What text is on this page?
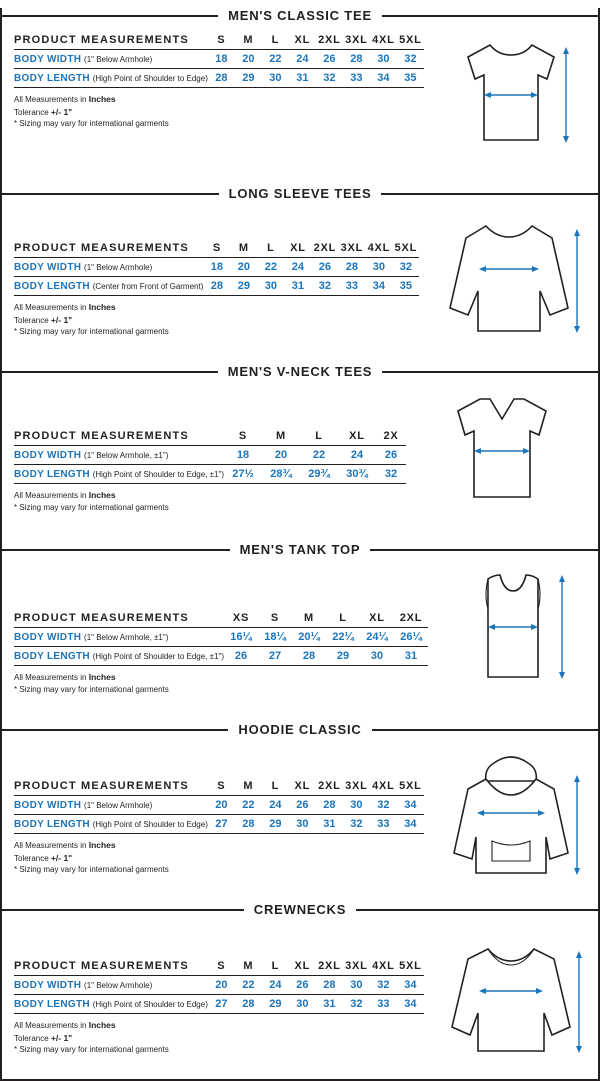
MEN'S CLASSIC TEE
PRODUCT MEASUREMENTS	S	M	L	XL	2XL	3XL	4XL	5XL
BODY WIDTH (1" Below Armhole)	18	20	22	24	26	28	30	32
BODY LENGTH (High Point of Shoulder to Edge)	28	29	30	31	32	33	34	35
All Measurements in Inches
Tolerance +/- 1"
* Sizing may vary for international garments
LONG SLEEVE TEES
PRODUCT MEASUREMENTS	S	M	L	XL	2XL	3XL	4XL	5XL
BODY WIDTH (1" Below Armhole)	18	20	22	24	26	28	30	32
BODY LENGTH (Center from Front of Garment)	28	29	30	31	32	33	34	35
All Measurements in Inches
Tolerance +/- 1"
* Sizing may vary for international garments
MEN'S V-NECK TEES
PRODUCT MEASUREMENTS	S	M	L	XL	2X
BODY WIDTH (1" Below Armhole, ±1")	18	20	22	24	26
BODY LENGTH (High Point of Shoulder to Edge, ±1")	27½	28¾	29¾	30¾	32
All Measurements in Inches
* Sizing may vary for international garments
MEN'S TANK TOP
PRODUCT MEASUREMENTS	XS	S	M	L	XL	2XL
BODY WIDTH (1" Below Armhole, ±1")	16¼	18¼	20¼	22¼	24¼	26¼
BODY LENGTH (High Point of Shoulder to Edge, ±1")	26	27	28	29	30	31
All Measurements in Inches
* Sizing may vary for international garments
HOODIE CLASSIC
PRODUCT MEASUREMENTS	S	M	L	XL	2XL	3XL	4XL	5XL
BODY WIDTH (1" Below Armhole)	20	22	24	26	28	30	32	34
BODY LENGTH (High Point of Shoulder to Edge)	27	28	29	30	31	32	33	34
All Measurements in Inches
Tolerance +/- 1"
* Sizing may vary for international garments
CREWNECKS
PRODUCT MEASUREMENTS	S	M	L	XL	2XL	3XL	4XL	5XL
BODY WIDTH (1" Below Armhole)	20	22	24	26	28	30	32	34
BODY LENGTH (High Point of Shoulder to Edge)	27	28	29	30	31	32	33	34
All Measurements in Inches
Tolerance +/- 1"
* Sizing may vary for international garments
